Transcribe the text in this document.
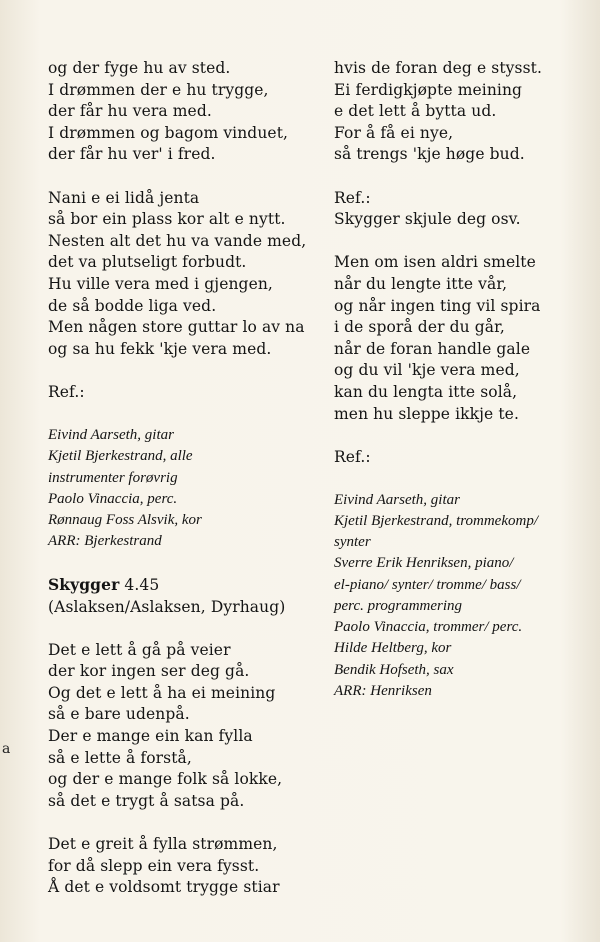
og der fyge hu av sted.
I drømmen der e hu trygge,
der får hu vera med.
I drømmen og bagom vinduet,
der får hu ver' i fred.
Nani e ei lidå jenta
så bor ein plass kor alt e nytt.
Nesten alt det hu va vande med,
det va plutseligt forbudt.
Hu ville vera med i gjengen,
de så bodde liga ved.
Men någen store guttar lo av na
og sa hu fekk 'kje vera med.
Ref.:
Eivind Aarseth, gitar
Kjetil Bjerkestrand, alle
instrumenter forøvrig
Paolo Vinaccia, perc.
Rønnaug Foss Alsvik, kor
ARR: Bjerkestrand
Skygger 4.45
(Aslaksen/Aslaksen, Dyrhaug)
Det e lett å gå på veier
der kor ingen ser deg gå.
Og det e lett å ha ei meining
så e bare udenpå.
Der e mange ein kan fylla
så e lette å forstå,
og der e mange folk så lokke,
så det e trygt å satsa på.
Det e greit å fylla strømmen,
for då slepp ein vera fysst.
Å det e voldsomt trygge stiar
hvis de foran deg e stysst.
Ei ferdigkjøpte meining
e det lett å bytta ud.
For å få ei nye,
så trengs 'kje høge bud.
Ref.:
Skygger skjule deg osv.
Men om isen aldri smelte
når du lengte itte vår,
og når ingen ting vil spira
i de sporå der du går,
når de foran handle gale
og du vil 'kje vera med,
kan du lengta itte solå,
men hu sleppe ikkje te.
Ref.:
Eivind Aarseth, gitar
Kjetil Bjerkestrand, trommekomp/
synter
Sverre Erik Henriksen, piano/
el-piano/ synter/ tromme/ bass/
perc. programmering
Paolo Vinaccia, trommer/ perc.
Hilde Heltberg, kor
Bendik Hofseth, sax
ARR: Henriksen
a
